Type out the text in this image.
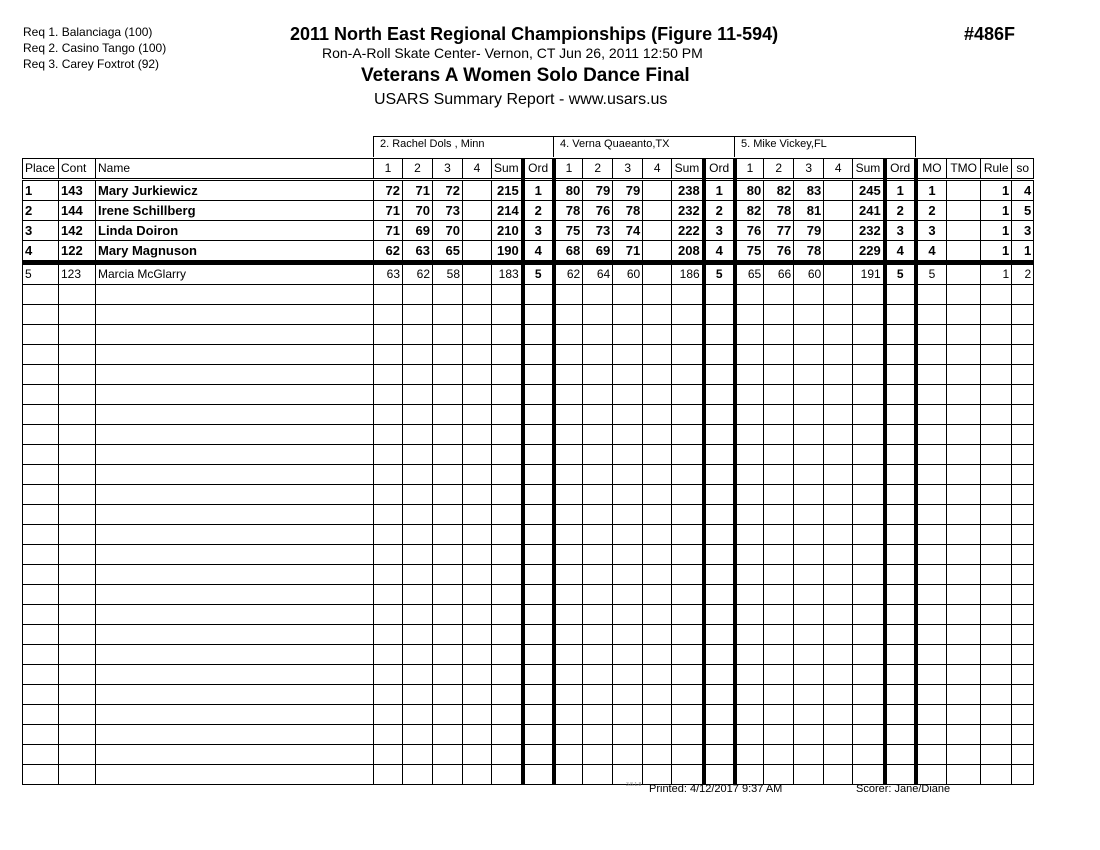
Req 1. Balanciaga (100)
Req 2. Casino Tango (100)
Req 3. Carey Foxtrot (92)
2011 North East Regional Championships (Figure 11-594)
Ron-A-Roll Skate Center- Vernon, CT Jun 26, 2011 12:50 PM
Veterans A Women Solo Dance Final
USARS Summary Report - www.usars.us
#486F
2. Rachel Dols , Minn	4. Verna Quaeanto,TX	5. Mike Vickey,FL
Place	Cont	Name	1	2	3	4	Sum	Ord	1	2	3	4	Sum	Ord	1	2	3	4	Sum	Ord	MO	TMO	Rule	so
1	143	Mary Jurkiewicz	72	71	72		215	1	80	79	79		238	1	80	82	83		245	1	1		1	4
2	144	Irene Schillberg	71	70	73		214	2	78	76	78		232	2	82	78	81		241	2	2		1	5
3	142	Linda Doiron	71	69	70		210	3	75	73	74		222	3	76	77	79		232	3	3		1	3
4	122	Mary Magnuson	62	63	65		190	4	68	69	71		208	4	75	76	78		229	4	4		1	1
5	123	Marcia McGlarry	63	62	58		183	5	62	64	60		186	5	65	66	60		191	5	5		1	2

3.8.1.8 Printed: 4/12/2017 9:37 AM	Scorer: Jane/Diane
